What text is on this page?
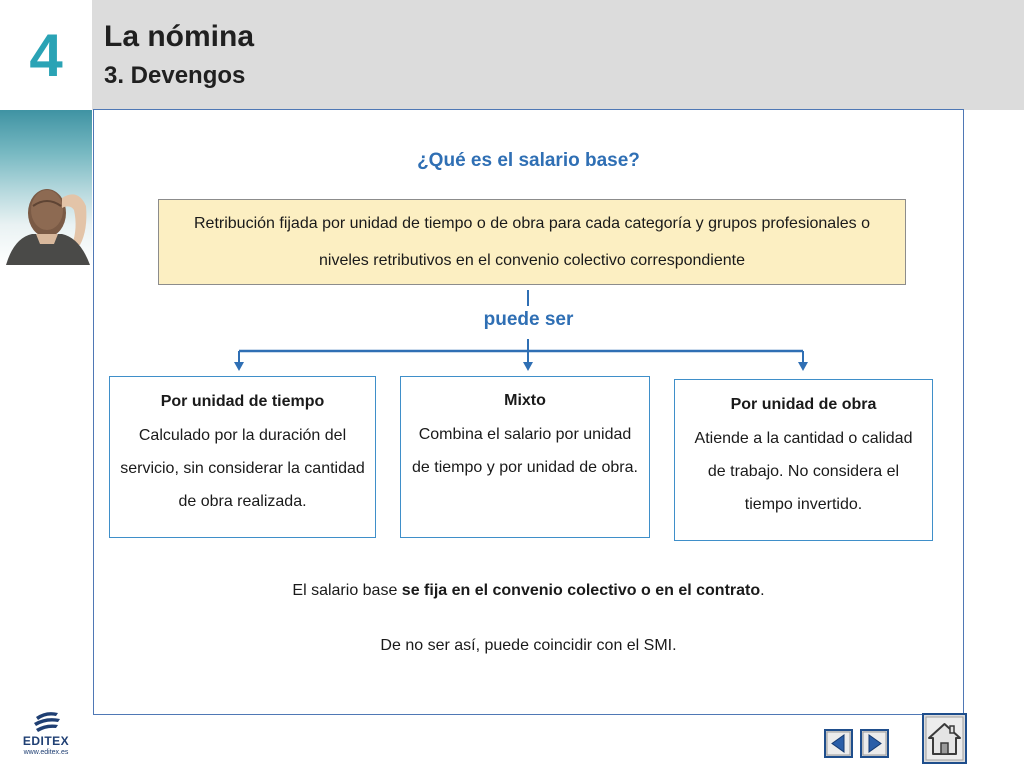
4	La nómina
3. Devengos
¿Qué es el salario base?
Retribución fijada por unidad de tiempo o de obra para cada categoría y grupos profesionales o niveles retributivos en el convenio colectivo correspondiente
puede ser
Por unidad de tiempo
Calculado por la duración del servicio, sin considerar la cantidad de obra realizada.
Mixto
Combina el salario por unidad de tiempo y por unidad de obra.
Por unidad de obra
Atiende a la cantidad o calidad de trabajo. No considera el tiempo invertido.
El salario base se fija en el convenio colectivo o en el contrato.
De no ser así, puede coincidir con el SMI.
EDITEX
www.editex.es
